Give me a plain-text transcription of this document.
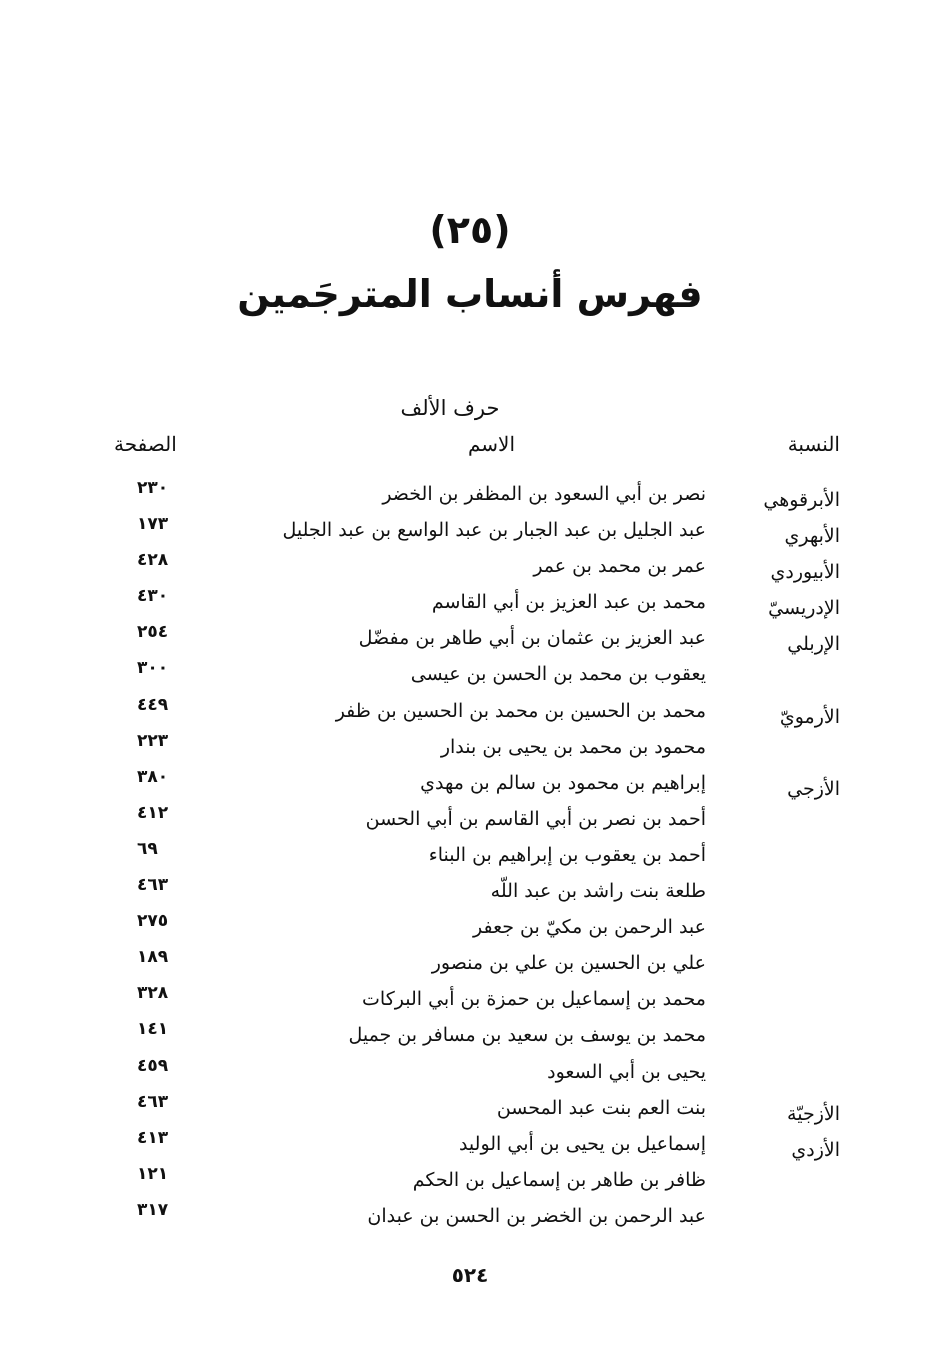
(٢٥)
فهرس أنساب المترجَمين
حرف الألف
النسبة
الاسم
الصفحة
الأبرقوهي
نصر بن أبي السعود بن المظفر بن الخضر
٢٣٠
الأبهري
عبد الجليل بن عبد الجبار بن عبد الواسع بن عبد الجليل
١٧٣
الأبيوردي
عمر بن محمد بن عمر
٤٢٨
الإدريسيّ
محمد بن عبد العزيز بن أبي القاسم
٤٣٠
الإربلي
عبد العزيز بن عثمان بن أبي طاهر بن مفضّل
٢٥٤
يعقوب بن محمد بن الحسن بن عيسى
٣٠٠
الأرمويّ
محمد بن الحسين بن محمد بن الحسين بن ظفر
٤٤٩
محمود بن محمد بن يحيى بن بندار
٢٢٣
الأزجي
إبراهيم بن محمود بن سالم بن مهدي
٣٨٠
أحمد بن نصر بن أبي القاسم بن أبي الحسن
٤١٢
أحمد بن يعقوب بن إبراهيم بن البناء
٦٩
طلعة بنت راشد بن عبد اللّه
٤٦٣
عبد الرحمن بن مكيّ بن جعفر
٢٧٥
علي بن الحسين بن علي بن منصور
١٨٩
محمد بن إسماعيل بن حمزة بن أبي البركات
٣٢٨
محمد بن يوسف بن سعيد بن مسافر بن جميل
١٤١
يحيى بن أبي السعود
٤٥٩
الأزجيّة
بنت العم بنت عبد المحسن
٤٦٣
الأزدي
إسماعيل بن يحيى بن أبي الوليد
٤١٣
ظافر بن طاهر بن إسماعيل بن الحكم
١٢١
عبد الرحمن بن الخضر بن الحسن بن عبدان
٣١٧
٥٢٤
